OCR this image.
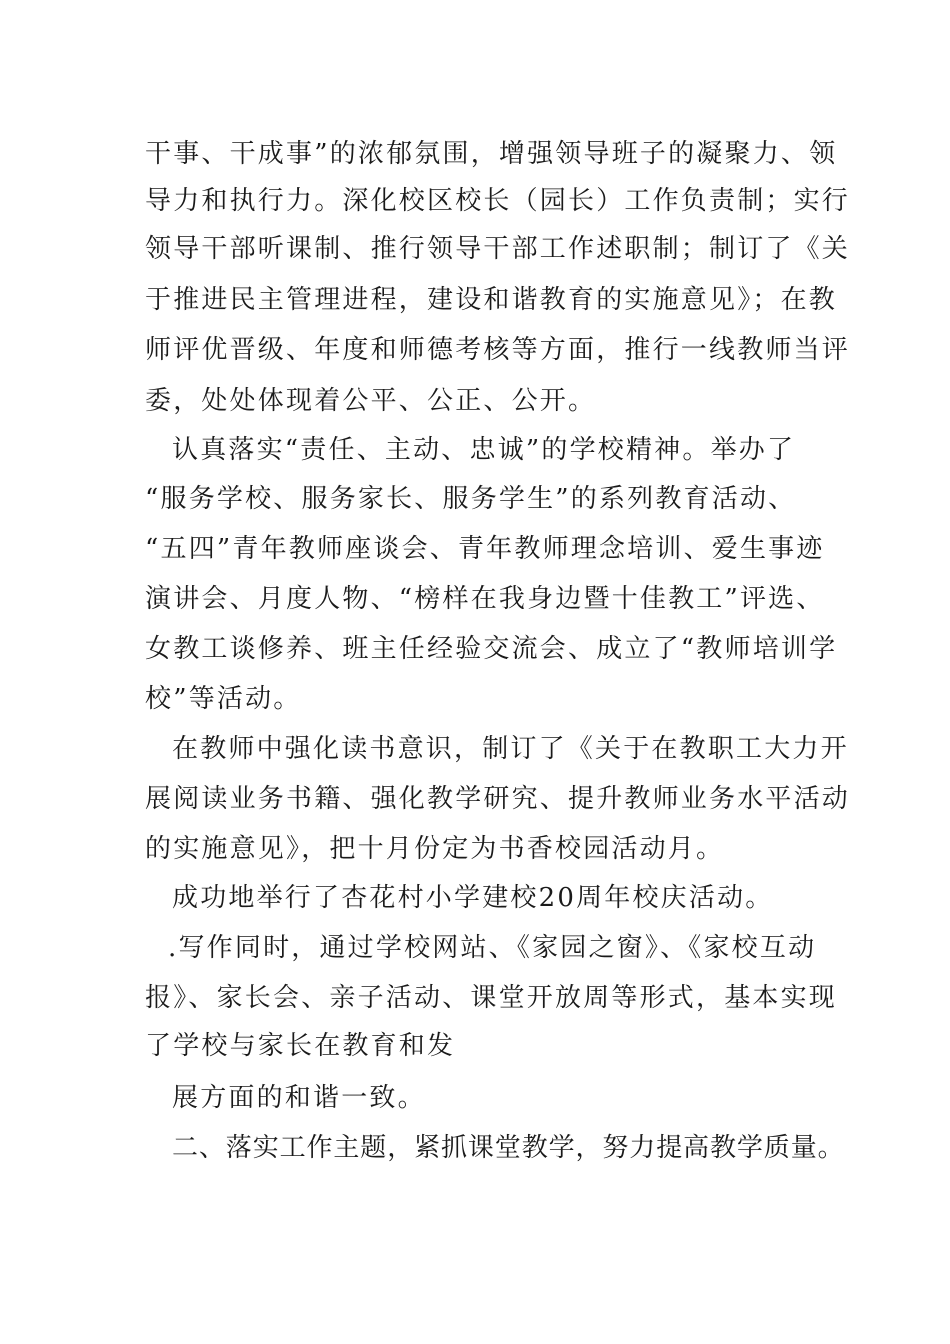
干事、干成事”的浓郁氛围，增强领导班子的凝聚力、领
导力和执行力。深化校区校长（园长）工作负责制；实行
领导干部听课制、推行领导干部工作述职制；制订了《关
于推进民主管理进程，建设和谐教育的实施意见》；在教
师评优晋级、年度和师德考核等方面，推行一线教师当评
委，处处体现着公平、公正、公开。
认真落实“责任、主动、忠诚”的学校精神。举办了
“服务学校、服务家长、服务学生”的系列教育活动、
“五四”青年教师座谈会、青年教师理念培训、爱生事迹
演讲会、月度人物、“榜样在我身边暨十佳教工”评选、
女教工谈修养、班主任经验交流会、成立了“教师培训学
校”等活动。
在教师中强化读书意识，制订了《关于在教职工大力开
展阅读业务书籍、强化教学研究、提升教师业务水平活动
的实施意见》，把十月份定为书香校园活动月。
成功地举行了杏花村小学建校20周年校庆活动。
.写作同时，通过学校网站、《家园之窗》、《家校互动
报》、家长会、亲子活动、课堂开放周等形式，基本实现
了学校与家长在教育和发
展方面的和谐一致。
二、落实工作主题，紧抓课堂教学，努力提高教学质量。
